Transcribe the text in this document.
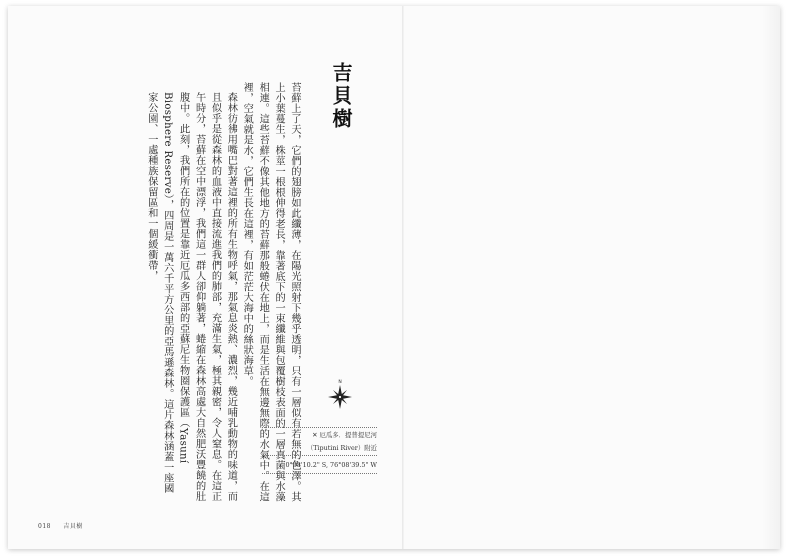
吉貝樹

苔蘚上了天，它們的翅膀如此纖薄，在陽光照射下幾乎透明，只有一層似有若無的色澤。其上小葉蔓生，株莖一根根伸得老長，靠著底下的一束纖維與包覆樹枝表面的一層真菌與水藻相連。這些苔蘚不像其他地方的苔蘚那般蜷伏在地上，而是生活在無邊無際的水氣中。在這裡，空氣就是水，它們生長在這裡，有如茫茫大海中的絲狀海草。

森林彷彿用嘴巴對著這裡的所有生物呼氣，那氣息炎熱、濃烈，幾近哺乳動物的味道，而且似乎是從森林的血液中直接流進我們的肺部，充滿生氣，極其親密，令人窒息。在這正午時分，苔蘚在空中漂浮，我們這一群人卻仰躺著，蜷縮在森林高處大自然肥沃豐饒的肚腹中。此刻，我們所在的位置是靠近厄瓜多西部的亞蘇尼生物圈保護區（Yasuní Biosphere Reserve），四周是一萬六千平方公里的亞馬遜森林。這片森林涵蓋一座國家公園、一處種族保留區和一個緩衝帶，

N
✕ 厄瓜多．提普提尼河
（Tiputini River）附近
0°38'10.2" S, 76°08'39.5" W
018 吉貝樹
